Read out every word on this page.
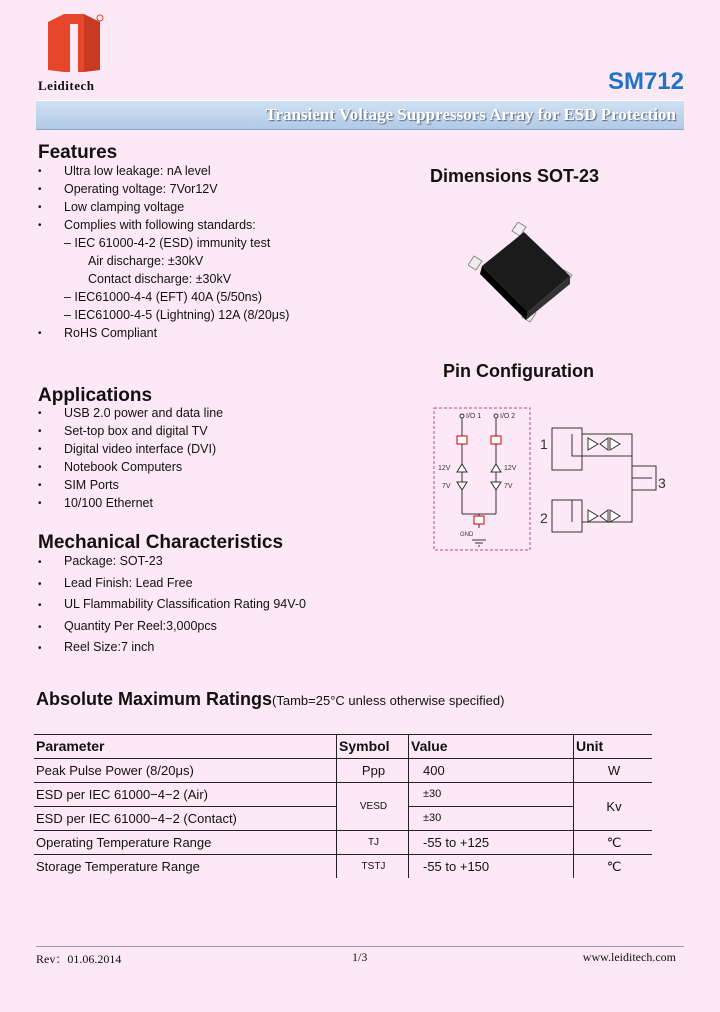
Leiditech	SM712
Transient Voltage Suppressors Array for ESD Protection
Features
• Ultra low leakage: nA level
• Operating voltage: 7Vor12V
• Low clamping voltage
• Complies with following standards:
– IEC 61000-4-2 (ESD) immunity test
Air discharge: ±30kV
Contact discharge: ±30kV
– IEC61000-4-4 (EFT) 40A (5/50ns)
– IEC61000-4-5 (Lightning) 12A (8/20μs)
• RoHS Compliant
Dimensions SOT-23
Pin Configuration
I/O 1	I/O 2
12V	12V
7V	7V
GND
1
2
3
Applications
• USB 2.0 power and data line
• Set-top box and digital TV
• Digital video interface (DVI)
• Notebook Computers
• SIM Ports
• 10/100 Ethernet
Mechanical Characteristics
• Package: SOT-23
• Lead Finish: Lead Free
• UL Flammability Classification Rating 94V-0
• Quantity Per Reel:3,000pcs
• Reel Size:7 inch
Absolute Maximum Ratings(Tamb=25°C unless otherwise specified)
Parameter	Symbol	Value	Unit
Peak Pulse Power (8/20μs)	Ppp	400	W
ESD per IEC 61000−4−2 (Air)	VESD	±30	Kv
ESD per IEC 61000−4−2 (Contact)		±30	
Operating Temperature Range	TJ	-55 to +125	℃
Storage Temperature Range	TSTJ	-55 to +150	℃
Rev：01.06.2014	1/3	www.leiditech.com
